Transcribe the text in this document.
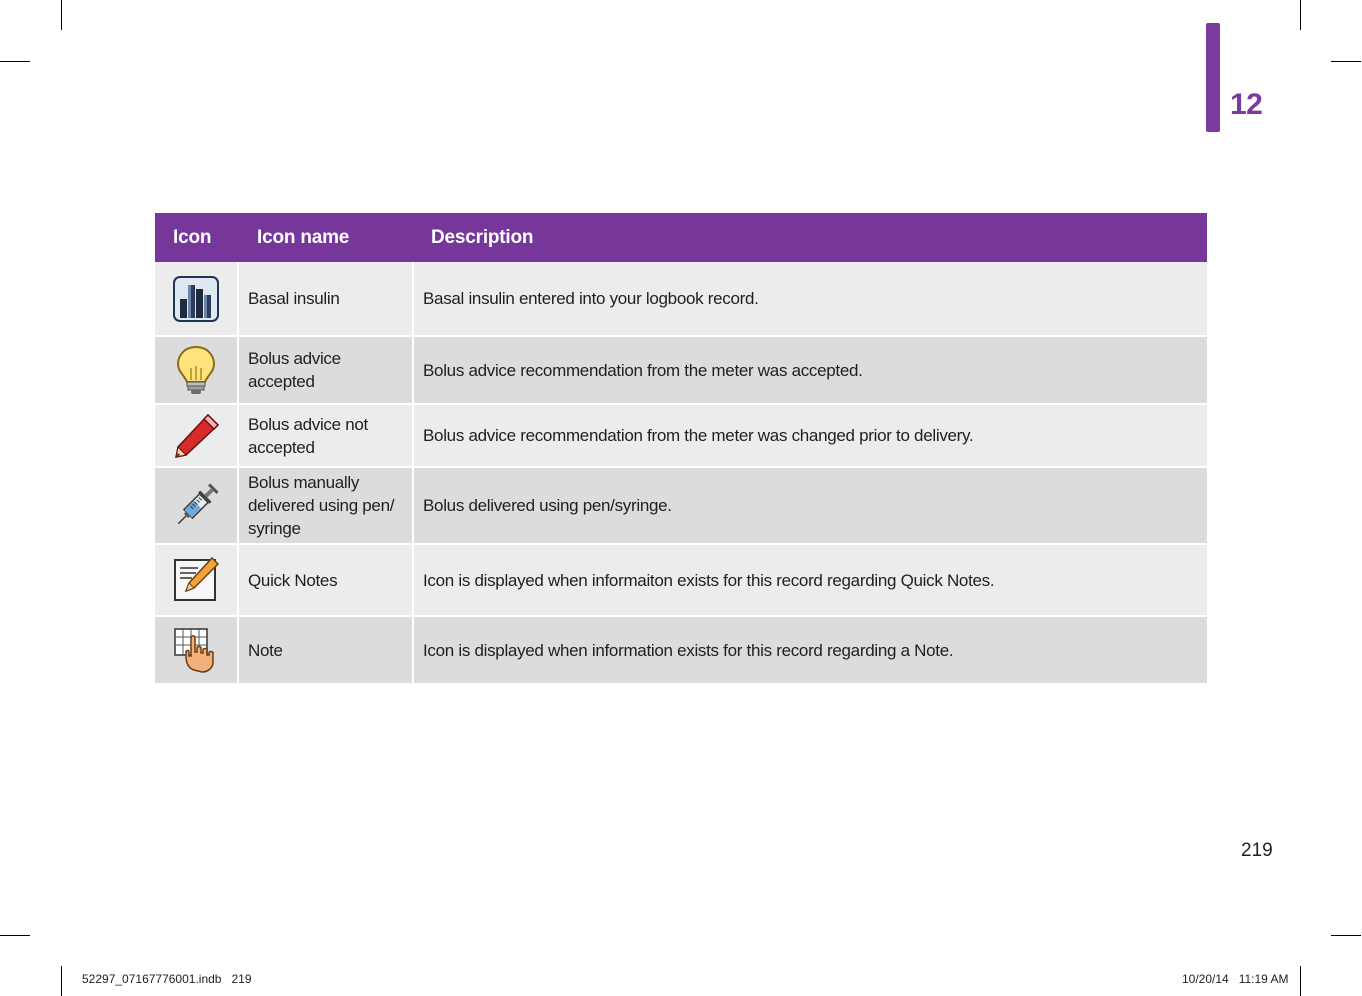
12
Icon	Icon name	Description

	Basal insulin	Basal insulin entered into your logbook record.

	Bolus advice accepted	Bolus advice recommendation from the meter was accepted.

	Bolus advice not accepted	Bolus advice recommendation from the meter was changed prior to delivery.

	Bolus manually delivered using pen/ syringe	Bolus delivered using pen/syringe.

	Quick Notes	Icon is displayed when informaiton exists for this record regarding Quick Notes.

	Note	Icon is displayed when information exists for this record regarding a Note.
219
52297_07167776001.indb   219	10/20/14   11:19 AM
